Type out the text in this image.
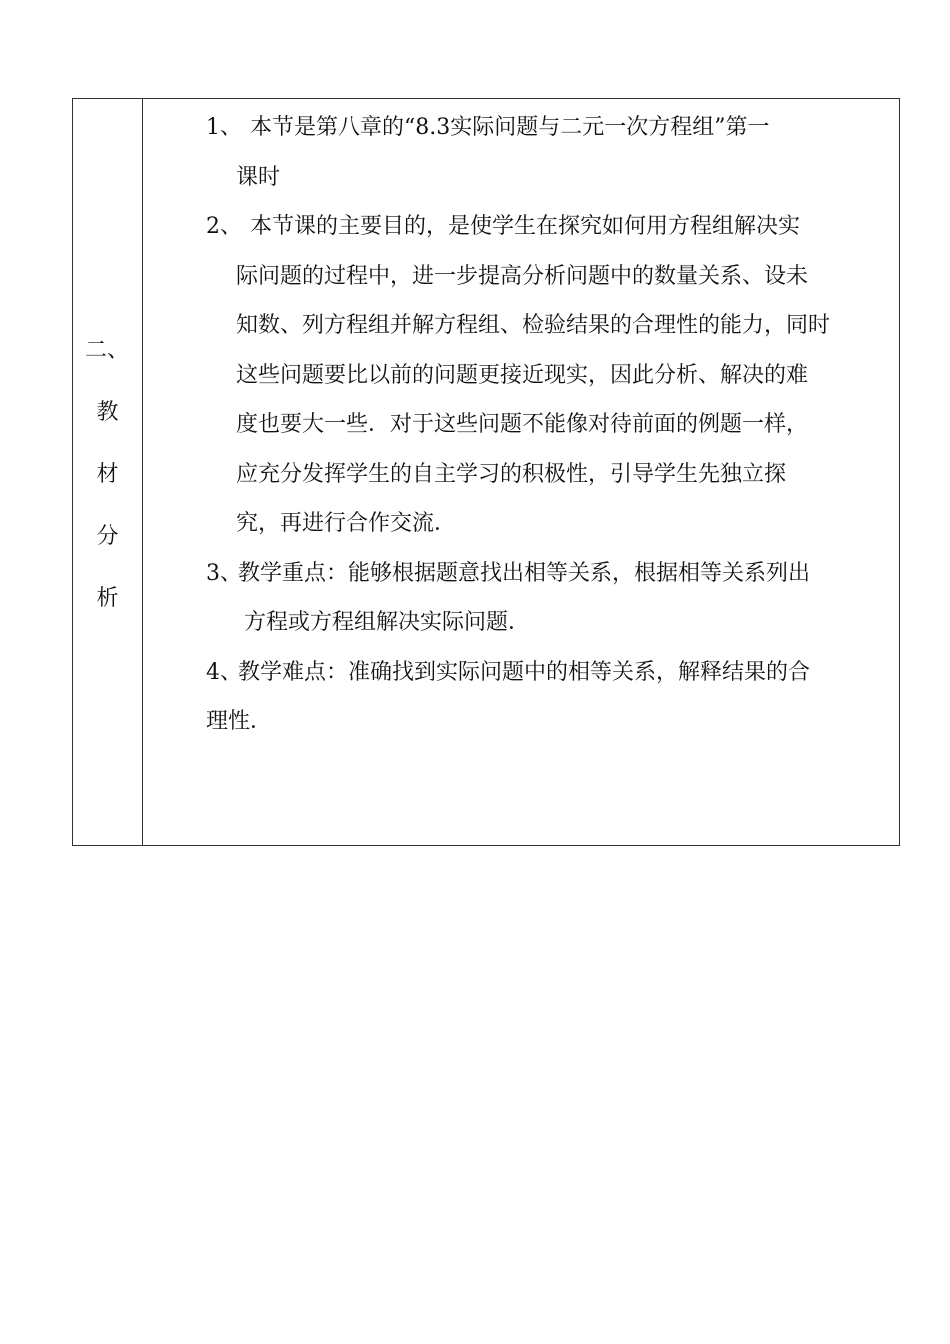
二、
教
材
分
析
1、 本节是第八章的“8.3实际问题与二元一次方程组”第一
课时
2、 本节课的主要目的，是使学生在探究如何用方程组解决实
际问题的过程中，进一步提高分析问题中的数量关系、设未
知数、列方程组并解方程组、检验结果的合理性的能力，同时
这些问题要比以前的问题更接近现实，因此分析、解决的难
度也要大一些．对于这些问题不能像对待前面的例题一样，
应充分发挥学生的自主学习的积极性，引导学生先独立探
究，再进行合作交流．
3、
教学重点：能够根据题意找出相等关系，根据相等关系列出
方程或方程组解决实际问题．
4、
教学难点：准确找到实际问题中的相等关系，解释结果的合
理性．
